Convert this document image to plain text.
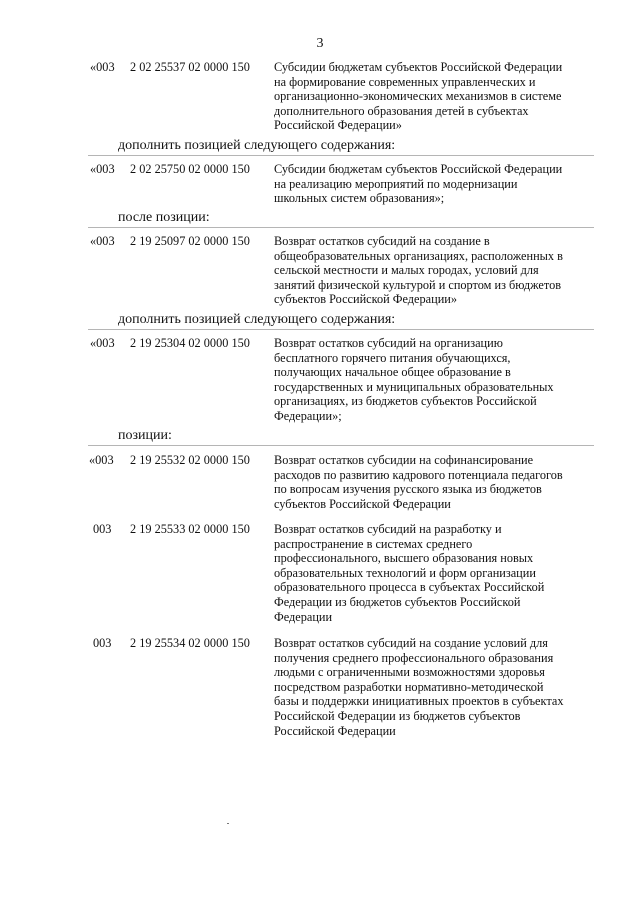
3
«003 2 02 25537 02 0000 150 Субсидии бюджетам субъектов Российской Федерации
на формирование современных управленческих и
организационно-экономических механизмов в системе
дополнительного образования детей в субъектах
Российской Федерации»
дополнить позицией следующего содержания:
«003 2 02 25750 02 0000 150 Субсидии бюджетам субъектов Российской Федерации
на реализацию мероприятий по модернизации
школьных систем образования»;
после позиции:
«003 2 19 25097 02 0000 150 Возврат остатков субсидий на создание в
общеобразовательных организациях, расположенных в
сельской местности и малых городах, условий для
занятий физической культурой и спортом из бюджетов
субъектов Российской Федерации»
дополнить позицией следующего содержания:
«003 2 19 25304 02 0000 150 Возврат остатков субсидий на организацию
бесплатного горячего питания обучающихся,
получающих начальное общее образование в
государственных и муниципальных образовательных
организациях, из бюджетов субъектов Российской
Федерации»;
позиции:
«003 2 19 25532 02 0000 150 Возврат остатков субсидии на софинансирование
расходов по развитию кадрового потенциала педагогов
по вопросам изучения русского языка из бюджетов
субъектов Российской Федерации
003 2 19 25533 02 0000 150 Возврат остатков субсидий на разработку и
распространение в системах среднего
профессионального, высшего образования новых
образовательных технологий и форм организации
образовательного процесса в субъектах Российской
Федерации из бюджетов субъектов Российской
Федерации
003 2 19 25534 02 0000 150 Возврат остатков субсидий на создание условий для
получения среднего профессионального образования
людьми с ограниченными возможностями здоровья
посредством разработки нормативно-методической
базы и поддержки инициативных проектов в субъектах
Российской Федерации из бюджетов субъектов
Российской Федерации
